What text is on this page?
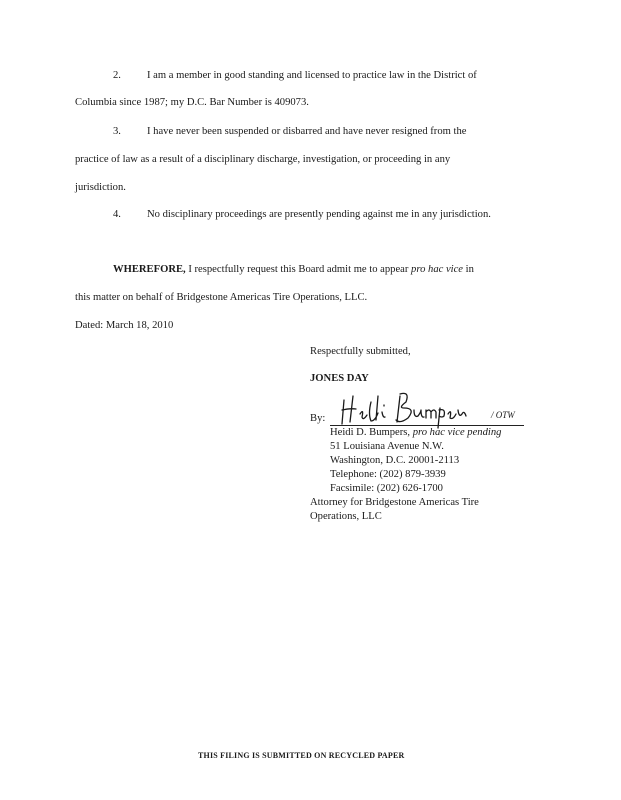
2. I am a member in good standing and licensed to practice law in the District of
Columbia since 1987; my D.C. Bar Number is 409073.
3. I have never been suspended or disbarred and have never resigned from the
practice of law as a result of a disciplinary discharge, investigation, or proceeding in any
jurisdiction.
4. No disciplinary proceedings are presently pending against me in any jurisdiction.
WHEREFORE, I respectfully request this Board admit me to appear pro hac vice in
this matter on behalf of Bridgestone Americas Tire Operations, LLC.
Dated: March 18, 2010
Respectfully submitted,
JONES DAY
By:	/ OTW
Heidi D. Bumpers, pro hac vice pending
51 Louisiana Avenue N.W.
Washington, D.C. 20001-2113
Telephone: (202) 879-3939
Facsimile: (202) 626-1700
Attorney for Bridgestone Americas Tire
Operations, LLC
THIS FILING IS SUBMITTED ON RECYCLED PAPER
